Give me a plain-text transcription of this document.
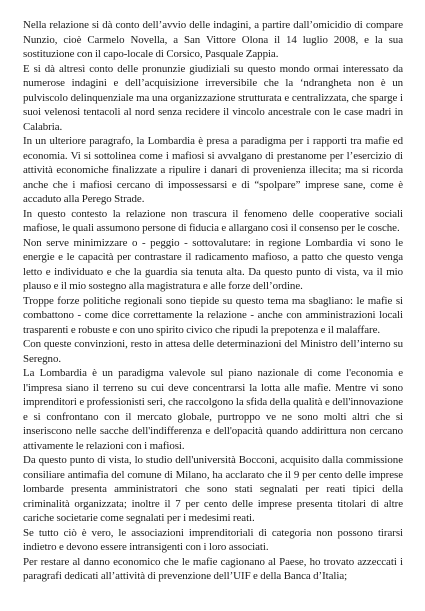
Nella relazione si dà conto dell’avvio delle indagini, a partire dall’omicidio di compare Nunzio, cioè Carmelo Novella, a San Vittore Olona il 14 luglio 2008, e la sua sostituzione con il capo-locale di Corsico, Pasquale Zappia.

E si dà altresì conto delle pronunzie giudiziali su questo mondo ormai interessato da numerose indagini e dell’acquisizione irreversibile che la ‘ndrangheta non è un pulviscolo delinquenziale ma una organizzazione strutturata e centralizzata, che sparge i suoi velenosi tentacoli al nord senza recidere il vincolo ancestrale con le case madri in Calabria.

In un ulteriore paragrafo, la Lombardia è presa a paradigma per i rapporti tra mafie ed economia. Vi si sottolinea come i mafiosi si avvalgano di prestanome per l’esercizio di attività economiche finalizzate a ripulire i danari di provenienza illecita; ma si ricorda anche che i mafiosi cercano di impossessarsi e di “spolpare” imprese sane, come è accaduto alla Perego Strade.

In questo contesto la relazione non trascura il fenomeno delle cooperative sociali mafiose, le quali assumono persone di fiducia e allargano così il consenso per le cosche.

Non serve minimizzare o - peggio - sottovalutare: in regione Lombardia vi sono le energie e le capacità per contrastare il radicamento mafioso, a patto che questo venga letto e individuato e che la guardia sia tenuta alta. Da questo punto di vista, va il mio plauso e il mio sostegno alla magistratura e alle forze dell’ordine.

Troppe forze politiche regionali sono tiepide su questo tema ma sbagliano: le mafie si combattono - come dice correttamente la relazione - anche con amministrazioni locali trasparenti e robuste e con uno spirito civico che ripudi la prepotenza e il malaffare.

Con queste convinzioni, resto in attesa delle determinazioni del Ministro dell’interno su Seregno.

La Lombardia è un paradigma valevole sul piano nazionale di come l'economia e l'impresa siano il terreno su cui deve concentrarsi la lotta alle mafie. Mentre vi sono imprenditori e professionisti seri, che raccolgono la sfida della qualità e dell'innovazione e si confrontano con il mercato globale, purtroppo ve ne sono molti altri che si inseriscono nelle sacche dell'indifferenza e dell'opacità quando addirittura non cercano attivamente le relazioni con i mafiosi.

Da questo punto di vista, lo studio dell'università Bocconi, acquisito dalla commissione consiliare antimafia del comune di Milano, ha acclarato che il 9 per cento delle imprese lombarde presenta amministratori che sono stati segnalati per reati tipici della criminalità organizzata; inoltre il 7 per cento delle imprese presenta titolari di altre cariche societarie come segnalati per i medesimi reati.

Se tutto ciò è vero, le associazioni imprenditoriali di categoria non possono tirarsi indietro e devono essere intransigenti con i loro associati.

Per restare al danno economico che le mafie cagionano al Paese, ho trovato azzeccati i paragrafi dedicati all’attività di prevenzione dell’UIF e della Banca d’Italia;
